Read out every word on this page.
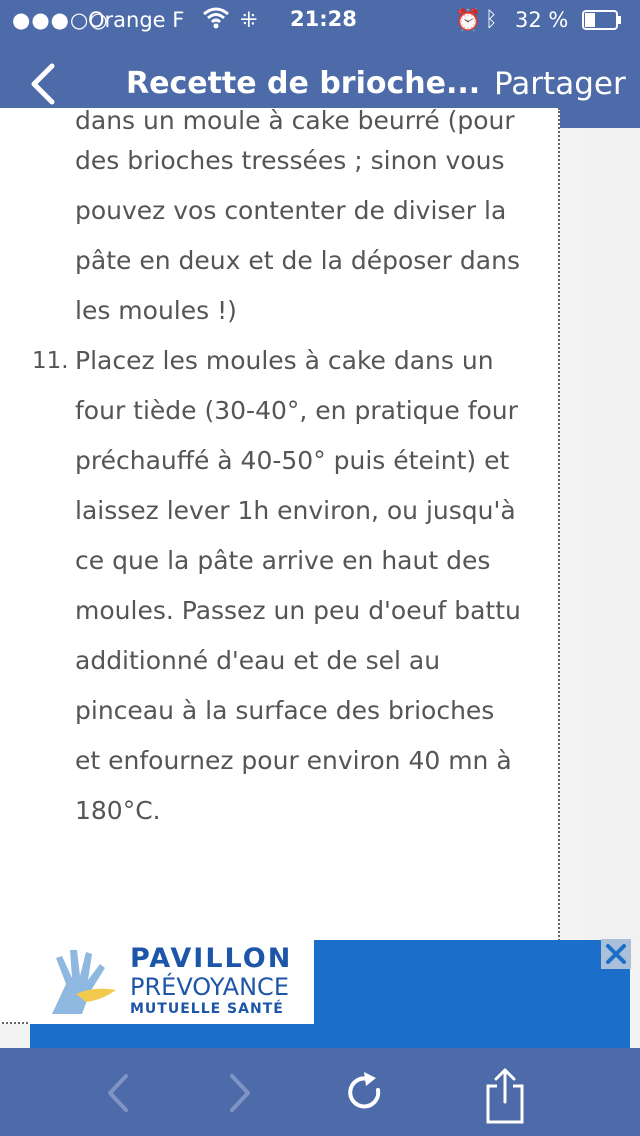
●●●○○
Orange F	⁜ 21:28	⏰ ᛒ 32 %
Recette de brioche... Partager
dans un moule à cake beurré (pour
des brioches tressées ; sinon vous
pouvez vos contenter de diviser la
pâte en deux et de la déposer dans
les moules !)
11. Placez les moules à cake dans un
four tiède (30-40°, en pratique four
préchauffé à 40-50° puis éteint) et
laissez lever 1h environ, ou jusqu'à
ce que la pâte arrive en haut des
moules. Passez un peu d'oeuf battu
additionné d'eau et de sel au
pinceau à la surface des brioches
et enfournez pour environ 40 mn à
180°C.
PAVILLON
PRÉVOYANCE
MUTUELLE SANTÉ
